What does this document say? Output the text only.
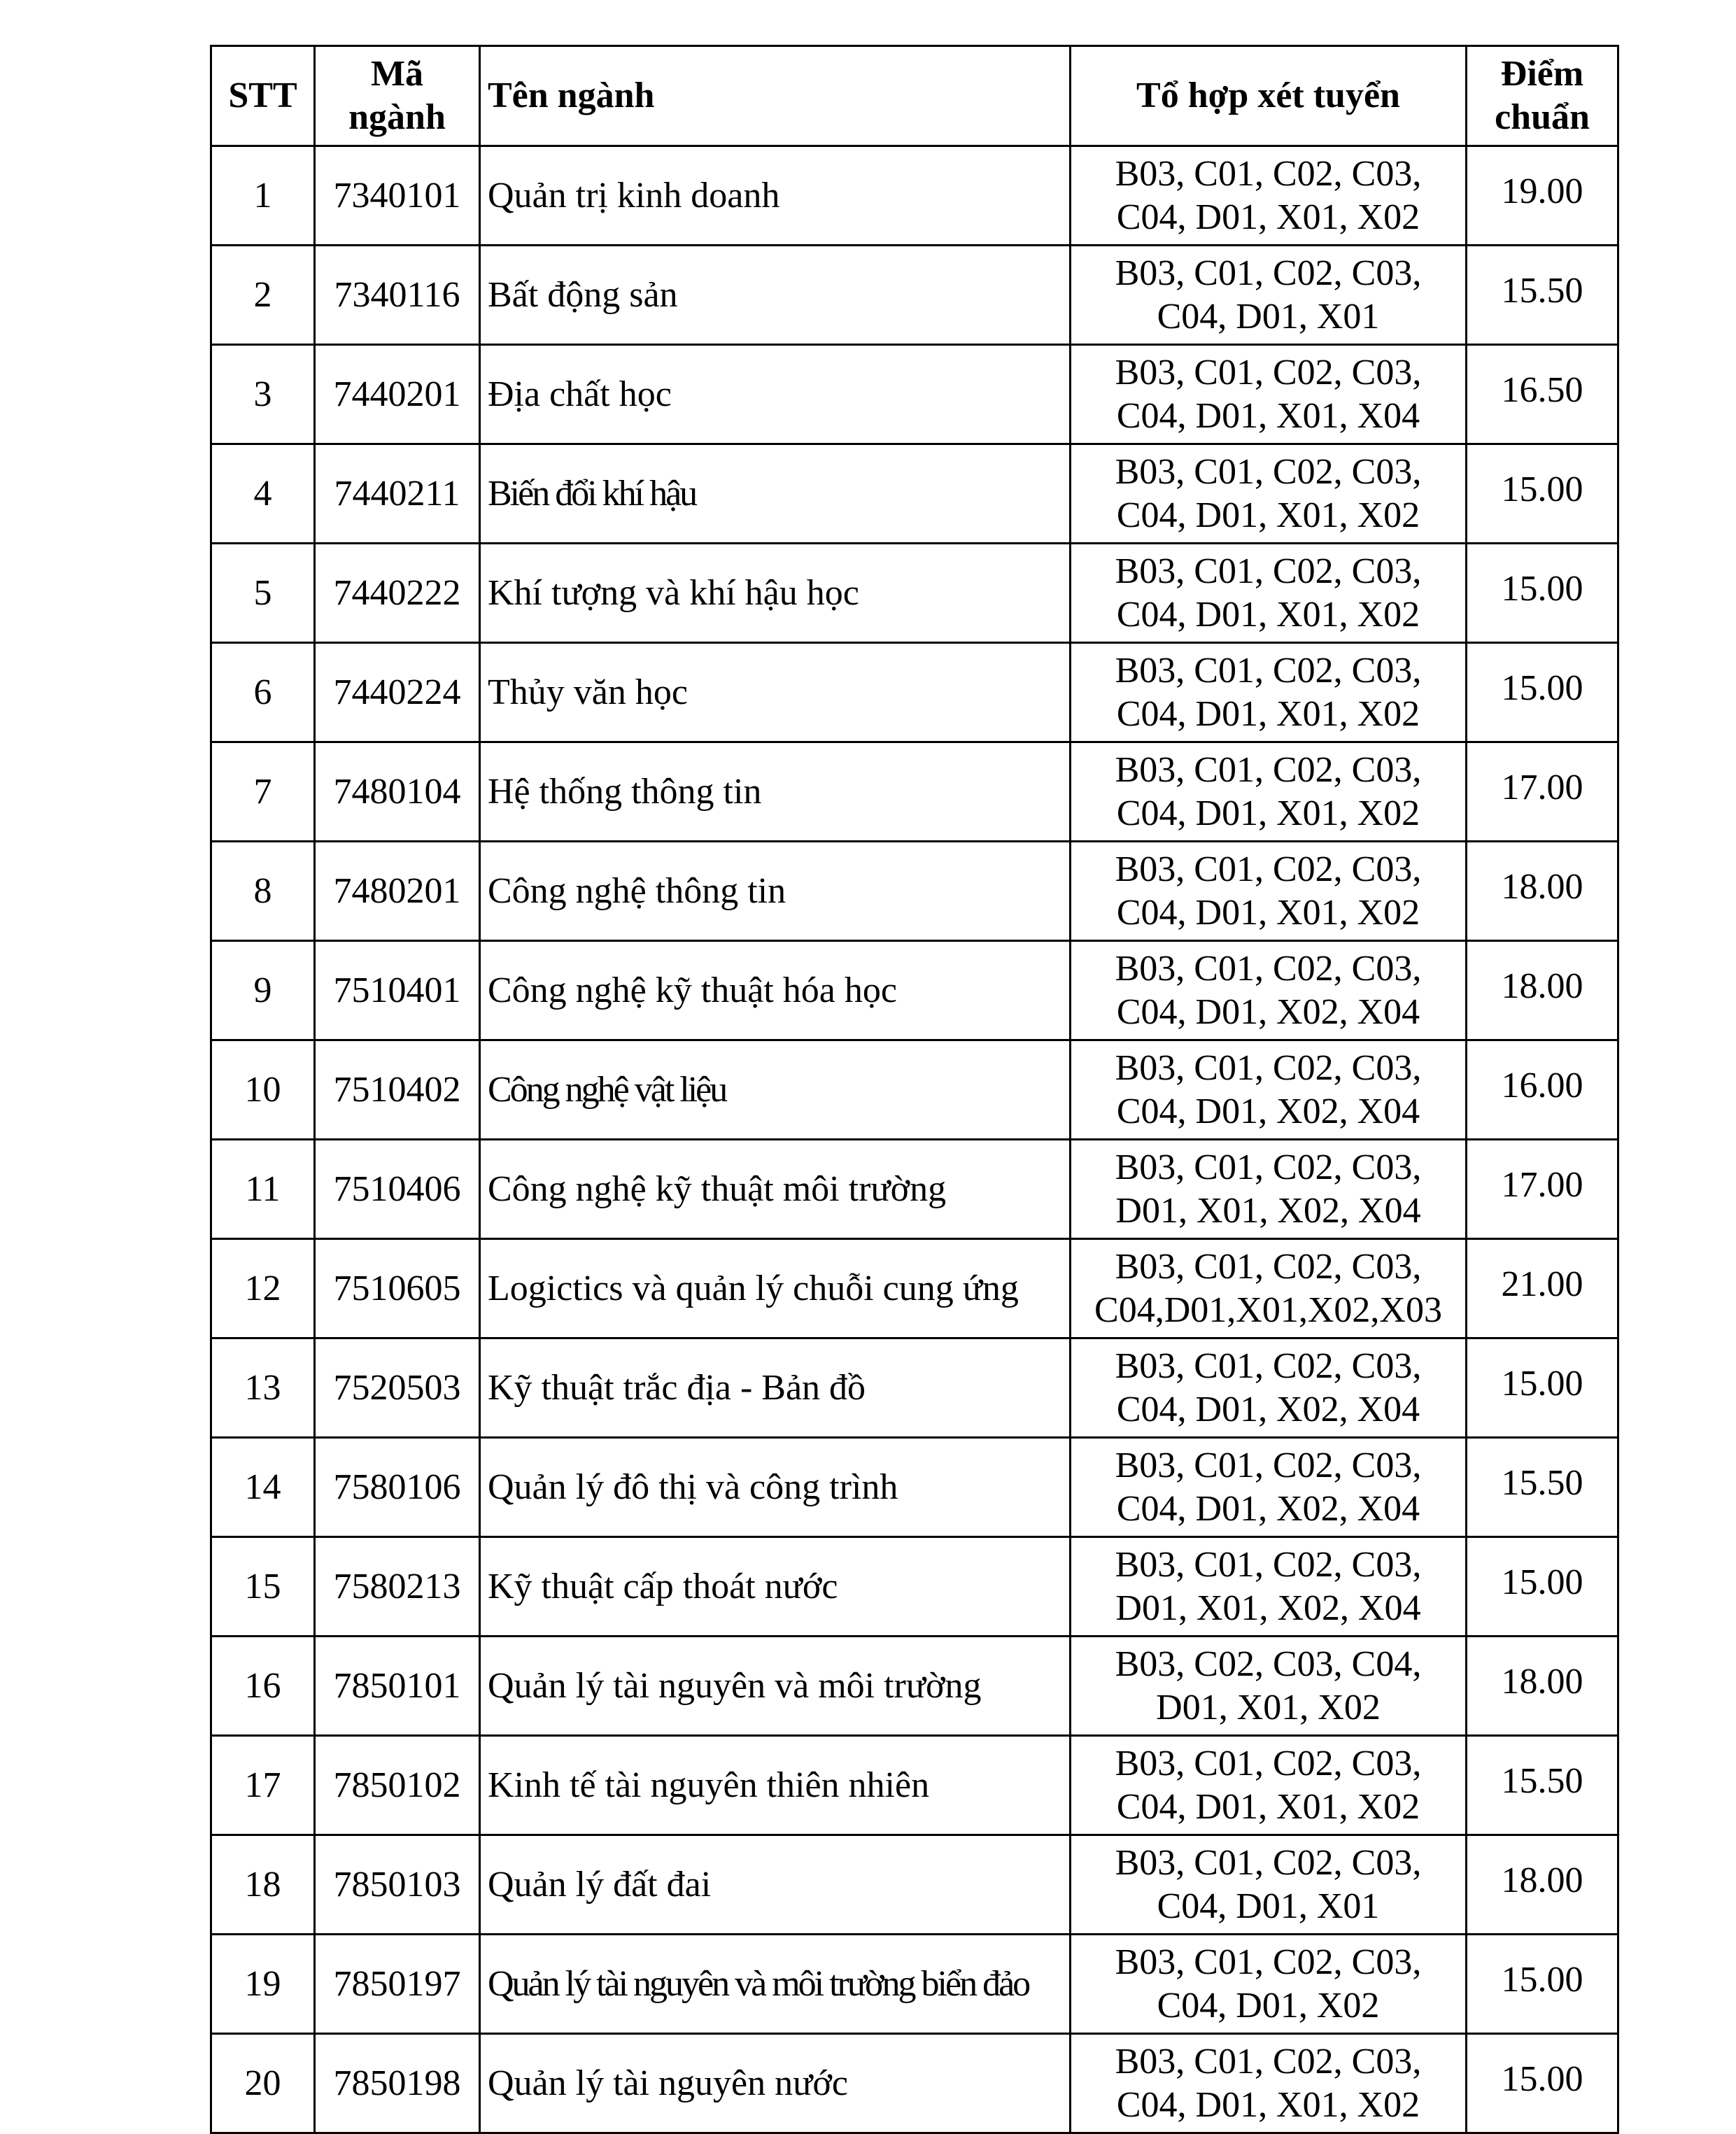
STT	Mã
ngành	Tên ngành	Tổ hợp xét tuyển	Điểm
chuẩn

1	7340101	Quản trị kinh doanh	B03, C01, C02, C03,
C04, D01, X01, X02	19.00
2	7340116	Bất động sản	B03, C01, C02, C03,
C04, D01, X01	15.50
3	7440201	Địa chất học	B03, C01, C02, C03,
C04, D01, X01, X04	16.50
4	7440211	Biến đổi khí hậu	B03, C01, C02, C03,
C04, D01, X01, X02	15.00
5	7440222	Khí tượng và khí hậu học	B03, C01, C02, C03,
C04, D01, X01, X02	15.00
6	7440224	Thủy văn học	B03, C01, C02, C03,
C04, D01, X01, X02	15.00
7	7480104	Hệ thống thông tin	B03, C01, C02, C03,
C04, D01, X01, X02	17.00
8	7480201	Công nghệ thông tin	B03, C01, C02, C03,
C04, D01, X01, X02	18.00
9	7510401	Công nghệ kỹ thuật hóa học	B03, C01, C02, C03,
C04, D01, X02, X04	18.00
10	7510402	Công nghệ vật liệu	B03, C01, C02, C03,
C04, D01, X02, X04	16.00
11	7510406	Công nghệ kỹ thuật môi trường	B03, C01, C02, C03,
D01, X01, X02, X04	17.00
12	7510605	Logictics và quản lý chuỗi cung ứng	B03, C01, C02, C03,
C04,D01,X01,X02,X03	21.00
13	7520503	Kỹ thuật trắc địa - Bản đồ	B03, C01, C02, C03,
C04, D01, X02, X04	15.00
14	7580106	Quản lý đô thị và công trình	B03, C01, C02, C03,
C04, D01, X02, X04	15.50
15	7580213	Kỹ thuật cấp thoát nước	B03, C01, C02, C03,
D01, X01, X02, X04	15.00
16	7850101	Quản lý tài nguyên và môi trường	B03, C02, C03, C04,
D01, X01, X02	18.00
17	7850102	Kinh tế tài nguyên thiên nhiên	B03, C01, C02, C03,
C04, D01, X01, X02	15.50
18	7850103	Quản lý đất đai	B03, C01, C02, C03,
C04, D01, X01	18.00
19	7850197	Quản lý tài nguyên và môi trường biển đảo	B03, C01, C02, C03,
C04, D01, X02	15.00
20	7850198	Quản lý tài nguyên nước	B03, C01, C02, C03,
C04, D01, X01, X02	15.00
